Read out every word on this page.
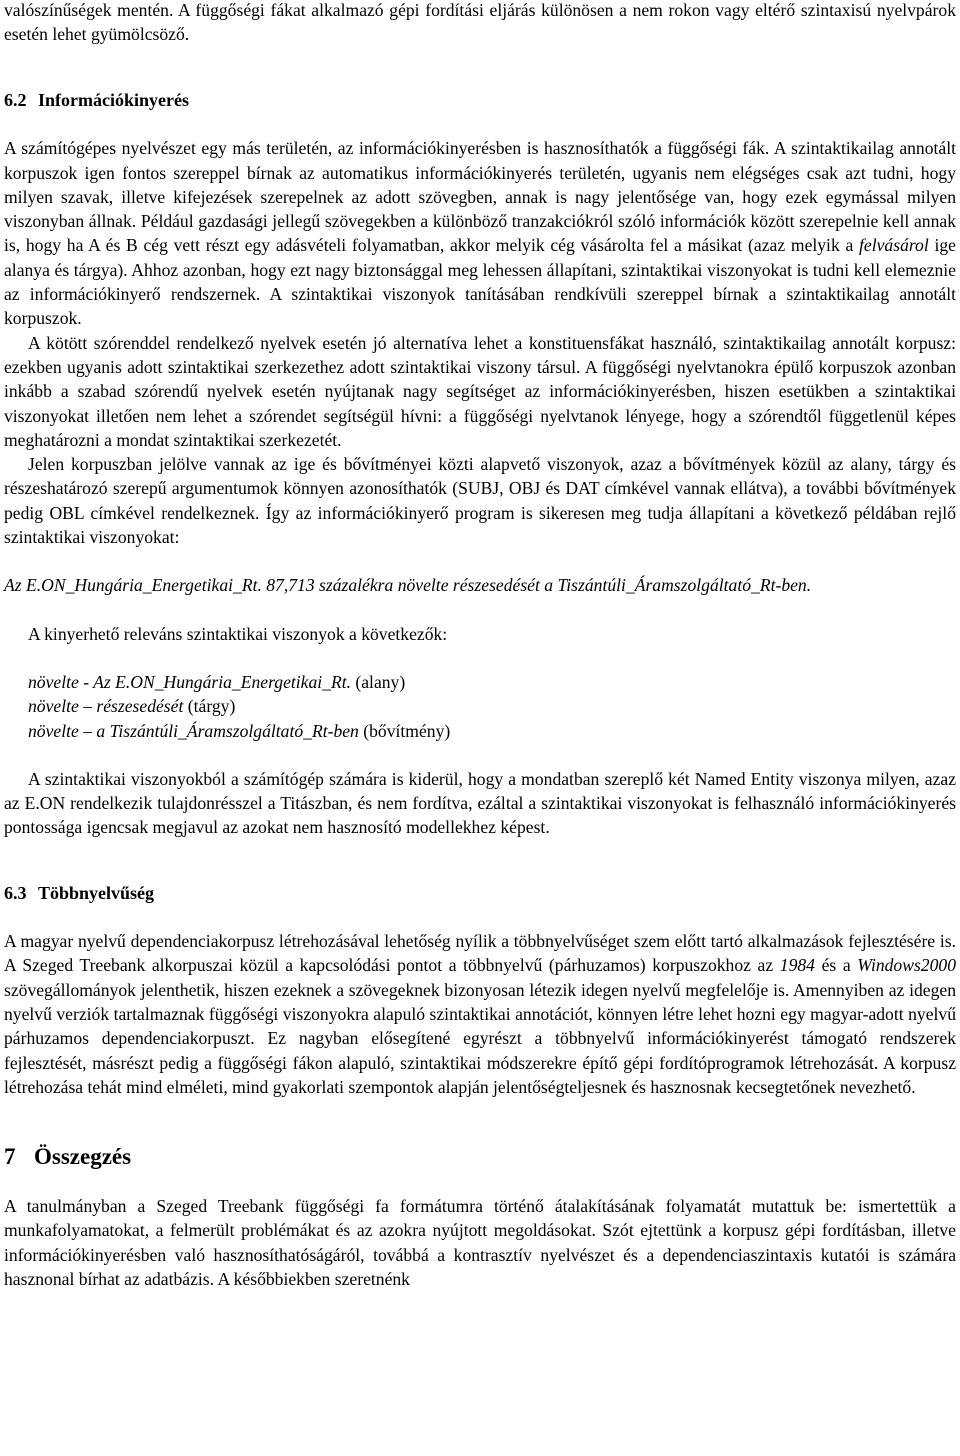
valószínűségek mentén. A függőségi fákat alkalmazó gépi fordítási eljárás különösen a nem rokon vagy eltérő szintaxisú nyelvpárok esetén lehet gyümölcsöző.

6.2 Információkinyerés

A számítógépes nyelvészet egy más területén, az információkinyerésben is hasznosíthatók a függőségi fák. A szintaktikailag annotált korpuszok igen fontos szereppel bírnak az automatikus információkinyerés területén, ugyanis nem elégséges csak azt tudni, hogy milyen szavak, illetve kifejezések szerepelnek az adott szövegben, annak is nagy jelentősége van, hogy ezek egymással milyen viszonyban állnak. Például gazdasági jellegű szövegekben a különböző tranzakciókról szóló információk között szerepelnie kell annak is, hogy ha A és B cég vett részt egy adásvételi folyamatban, akkor melyik cég vásárolta fel a másikat (azaz melyik a felvásárol ige alanya és tárgya). Ahhoz azonban, hogy ezt nagy biztonsággal meg lehessen állapítani, szintaktikai viszonyokat is tudni kell elemeznie az információkinyerő rendszernek. A szintaktikai viszonyok tanításában rendkívüli szereppel bírnak a szintaktikailag annotált korpuszok.

A kötött szórenddel rendelkező nyelvek esetén jó alternatíva lehet a konstituensfákat használó, szintaktikailag annotált korpusz: ezekben ugyanis adott szintaktikai szerkezethez adott szintaktikai viszony társul. A függőségi nyelvtanokra épülő korpuszok azonban inkább a szabad szórendű nyelvek esetén nyújtanak nagy segítséget az információkinyerésben, hiszen esetükben a szintaktikai viszonyokat illetően nem lehet a szórendet segítségül hívni: a függőségi nyelvtanok lényege, hogy a szórendtől függetlenül képes meghatározni a mondat szintaktikai szerkezetét.

Jelen korpuszban jelölve vannak az ige és bővítményei közti alapvető viszonyok, azaz a bővítmények közül az alany, tárgy és részeshatározó szerepű argumentumok könnyen azonosíthatók (SUBJ, OBJ és DAT címkével vannak ellátva), a további bővítmények pedig OBL címkével rendelkeznek. Így az információkinyerő program is sikeresen meg tudja állapítani a következő példában rejlő szintaktikai viszonyokat:

Az E.ON_Hungária_Energetikai_Rt. 87,713 százalékra növelte részesedését a Tiszántúli_Áramszolgáltató_Rt-ben.

A kinyerhető releváns szintaktikai viszonyok a következők:

növelte - Az E.ON_Hungária_Energetikai_Rt. (alany)

növelte – részesedését (tárgy)

növelte – a Tiszántúli_Áramszolgáltató_Rt-ben (bővítmény)

A szintaktikai viszonyokból a számítógép számára is kiderül, hogy a mondatban szereplő két Named Entity viszonya milyen, azaz az E.ON rendelkezik tulajdonrésszel a Titászban, és nem fordítva, ezáltal a szintaktikai viszonyokat is felhasználó információkinyerés pontossága igencsak megjavul az azokat nem hasznosító modellekhez képest.

6.3 Többnyelvűség

A magyar nyelvű dependenciakorpusz létrehozásával lehetőség nyílik a többnyelvűséget szem előtt tartó alkalmazások fejlesztésére is. A Szeged Treebank alkorpuszai közül a kapcsolódási pontot a többnyelvű (párhuzamos) korpuszokhoz az 1984 és a Windows2000 szövegállományok jelenthetik, hiszen ezeknek a szövegeknek bizonyosan létezik idegen nyelvű megfelelője is. Amennyiben az idegen nyelvű verziók tartalmaznak függőségi viszonyokra alapuló szintaktikai annotációt, könnyen létre lehet hozni egy magyar-adott nyelvű párhuzamos dependenciakorpuszt. Ez nagyban elősegítené egyrészt a többnyelvű információkinyerést támogató rendszerek fejlesztését, másrészt pedig a függőségi fákon alapuló, szintaktikai módszerekre építő gépi fordítóprogramok létrehozását. A korpusz létrehozása tehát mind elméleti, mind gyakorlati szempontok alapján jelentőségteljesnek és hasznosnak kecsegtetőnek nevezhető.

7 Összegzés

A tanulmányban a Szeged Treebank függőségi fa formátumra történő átalakításának folyamatát mutattuk be: ismertettük a munkafolyamatokat, a felmerült problémákat és az azokra nyújtott megoldásokat. Szót ejtettünk a korpusz gépi fordításban, illetve információkinyerésben való hasznosíthatóságáról, továbbá a kontrasztív nyelvészet és a dependenciaszintaxis kutatói is számára hasznonal bírhat az adatbázis. A későbbiekben szeretnénk
